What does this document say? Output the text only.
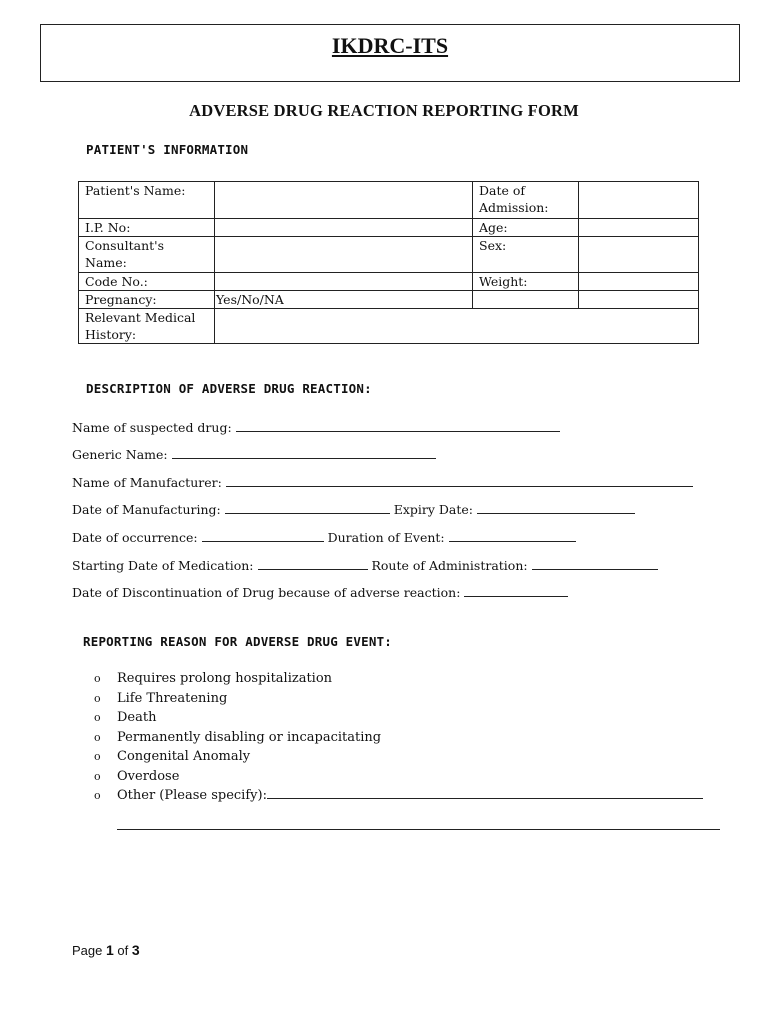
IKDRC-ITS
ADVERSE DRUG REACTION REPORTING FORM
PATIENT'S INFORMATION
Patient's Name:		Date of Admission:	
I.P. No:		Age:	
Consultant's Name:		Sex:	
Code No.:		Weight:	
Pregnancy:	Yes/No/NA		
Relevant Medical History:			
DESCRIPTION OF ADVERSE DRUG REACTION:
Name of suspected drug:
Generic Name:
Name of Manufacturer:
Date of Manufacturing:	Expiry Date:
Date of occurrence:	Duration of Event:
Starting Date of Medication:	Route of Administration:
Date of Discontinuation of Drug because of adverse reaction:
REPORTING REASON FOR ADVERSE DRUG EVENT:
o Requires prolong hospitalization
o Life Threatening
o Death
o Permanently disabling or incapacitating
o Congenital Anomaly
o Overdose
o Other (Please specify):
Page 1 of 3
